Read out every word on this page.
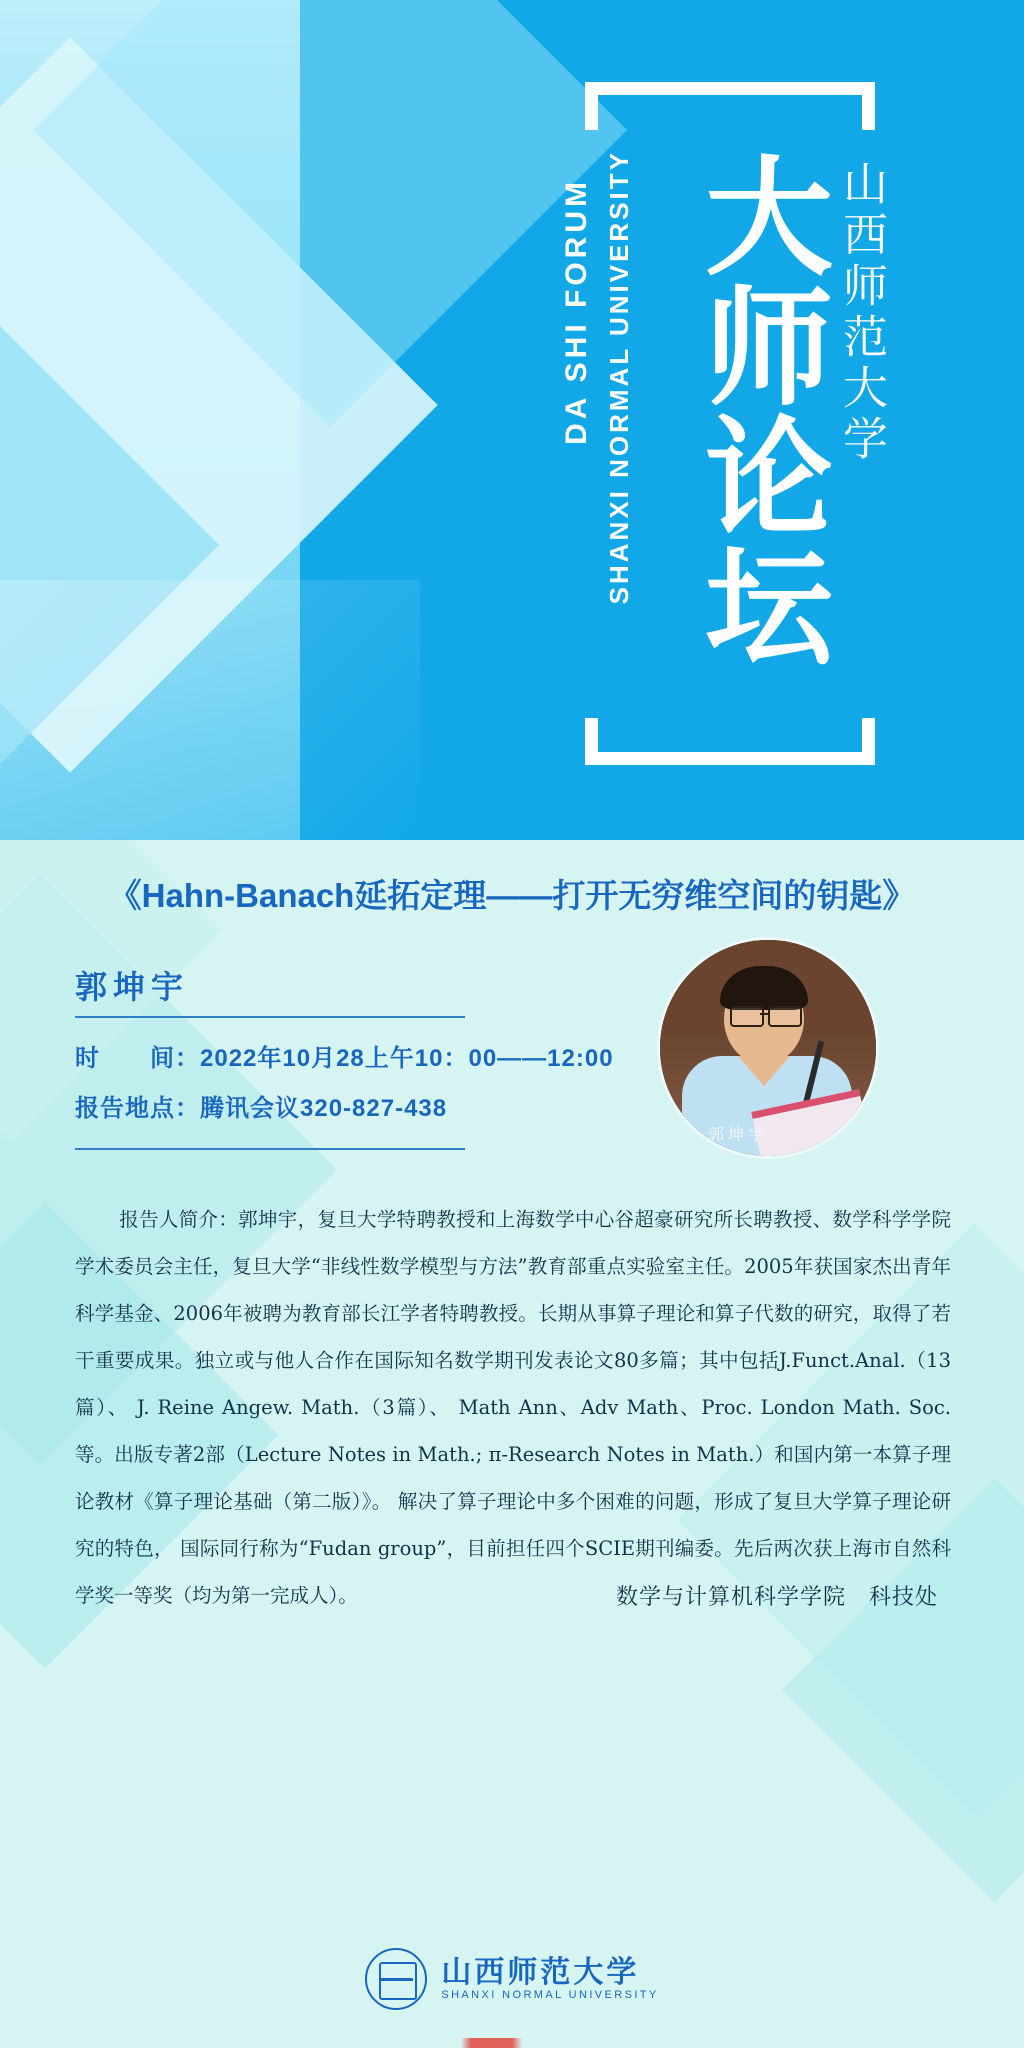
大师论坛 山西师范大学
SHANXI NORMAL UNIVERSITY
DA SHI FORUM
《Hahn-Banach延拓定理——打开无穷维空间的钥匙》
郭坤宇
时　　间：2022年10月28上午10：00——12:00
报告地点：腾讯会议320-827-438
郭坤宇
报告人简介：郭坤宇，复旦大学特聘教授和上海数学中心谷超豪研究所长聘教授、数学科学学院学术委员会主任，复旦大学“非线性数学模型与方法”教育部重点实验室主任。2005年获国家杰出青年科学基金、2006年被聘为教育部长江学者特聘教授。长期从事算子理论和算子代数的研究，取得了若干重要成果。独立或与他人合作在国际知名数学期刊发表论文80多篇；其中包括J.Funct.Anal.（13篇）、 J. Reine Angew. Math.（3篇）、 Math Ann、Adv Math、Proc. London Math. Soc. 等。出版专著2部（Lecture Notes in Math.; π-Research Notes in Math.）和国内第一本算子理论教材《算子理论基础（第二版）》。 解决了算子理论中多个困难的问题，形成了复旦大学算子理论研究的特色， 国际同行称为“Fudan group”，目前担任四个SCIE期刊编委。先后两次获上海市自然科学奖一等奖（均为第一完成人）。	数学与计算机科学学院　科技处
山西师范大学
SHANXI NORMAL UNIVERSITY
